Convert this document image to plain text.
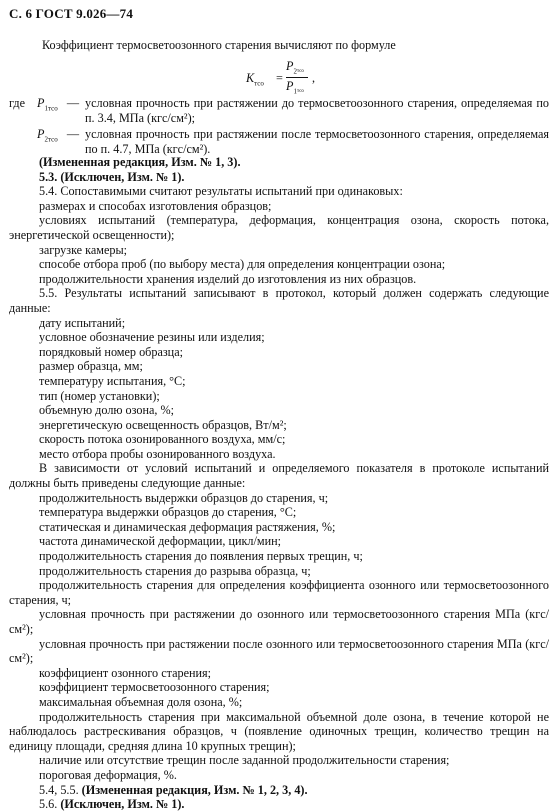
С. 6 ГОСТ 9.026—74
Коэффициент термосветоозонного старения вычисляют по формуле
$K_{тсо}$ =
$P_{2тсо}$
$P_{1тсо}$
,
где $P_{1тсо}$ — условная прочность при растяжении до термосветоозонного старения, определяемая по п. 3.4, МПа (кгс/см²);
$P_{2тсо}$ — условная прочность при растяжении после термосветоозонного старения, определяемая по п. 4.7, МПа (кгс/см²).

(Измененная редакция, Изм. № 1, 3).

5.3. (Исключен, Изм. № 1).

5.4. Сопоставимыми считают результаты испытаний при одинаковых:

размерах и способах изготовления образцов;

условиях испытаний (температура, деформация, концентрация озона, скорость потока, энергетической освещенности);

загрузке камеры;

способе отбора проб (по выбору места) для определения концентрации озона;

продолжительности хранения изделий до изготовления из них образцов.

5.5. Результаты испытаний записывают в протокол, который должен содержать следующие данные:

дату испытаний;

условное обозначение резины или изделия;

порядковый номер образца;

размер образца, мм;

температуру испытания, °С;

тип (номер установки);

объемную долю озона, %;

энергетическую освещенность образцов, Вт/м²;

скорость потока озонированного воздуха, мм/с;

место отбора пробы озонированного воздуха.

В зависимости от условий испытаний и определяемого показателя в протоколе испытаний должны быть приведены следующие данные:

продолжительность выдержки образцов до старения, ч;

температура выдержки образцов до старения, °С;

статическая и динамическая деформация растяжения, %;

частота динамической деформации, цикл/мин;

продолжительность старения до появления первых трещин, ч;

продолжительность старения до разрыва образца, ч;

продолжительность старения для определения коэффициента озонного или термосветоозонного старения, ч;

условная прочность при растяжении до озонного или термосветоозонного старения МПа (кгс/см²);

условная прочность при растяжении после озонного или термосветоозонного старения МПа (кгс/см²);

коэффициент озонного старения;

коэффициент термосветоозонного старения;

максимальная объемная доля озона, %;

продолжительность старения при максимальной объемной доле озона, в течение которой не наблюдалось растрескивания образцов, ч (появление одиночных трещин, количество трещин на единицу площади, средняя длина 10 крупных трещин);

наличие или отсутствие трещин после заданной продолжительности старения;

пороговая деформация, %.

5.4, 5.5. (Измененная редакция, Изм. № 1, 2, 3, 4).

5.6. (Исключен, Изм. № 1).
